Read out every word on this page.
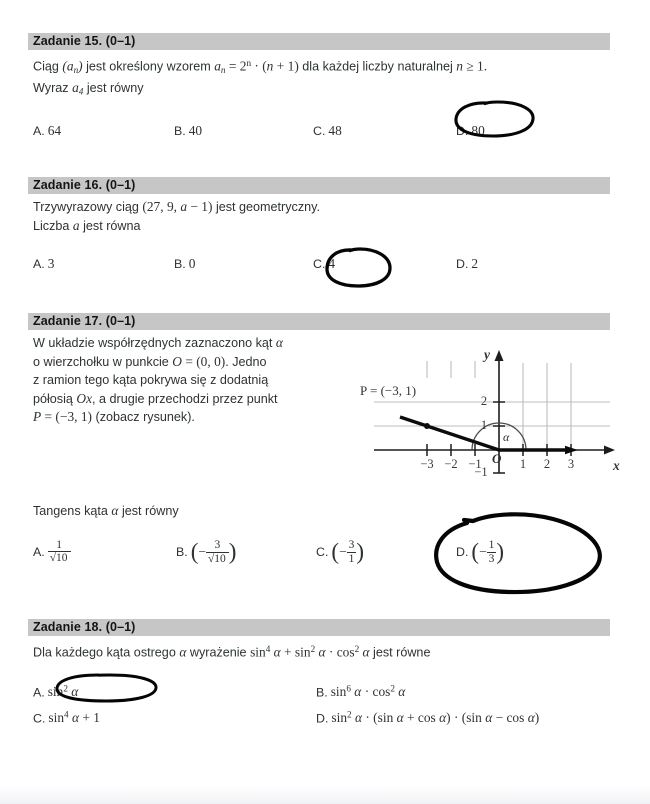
Zadanie 15. (0–1)
Ciąg $(a_n)$ jest określony wzorem $a_n = 2^n \cdot (n + 1)$ dla każdej liczby naturalnej n ≥ 1.
Wyraz $a_4$ jest równy
A. 64	B. 40	C. 48	D. 80
Zadanie 16. (0–1)
Trzywyrazowy ciąg (27, 9, a − 1) jest geometryczny.
Liczba a jest równa
A. 3	B. 0	C. 4	D. 2
Zadanie 17. (0–1)
W układzie współrzędnych zaznaczono kąt α
o wierzchołku w punkcie O = (0, 0). Jedno
z ramion tego kąta pokrywa się z dodatnią
półosią Ox, a drugie przechodzi przez punkt
P = (−3, 1) (zobacz rysunek).
P = (−3, 1)
y
x
O
α
−3 −2 −1	1	2	3
2
1
−1
Tangens kąta α jest równy
A. $\frac{1}{√10}$	B. (− $\frac{3}{√10}$ )	C. (− $\frac{3}{1}$ )	D. (− $\frac{1}{3}$ )
Zadanie 18. (0–1)
Dla każdego kąta ostrego α wyrażenie $\sin^4 \alpha + \sin^2 \alpha \cdot \cos^2 \alpha$ jest równe
A. $\sin^2 \alpha$	B. $\sin^6 \alpha \cdot \cos^2 \alpha$
C. $\sin^4 \alpha + 1$	D. $\sin^2 \alpha \cdot (\sin$ α + cos α) · (sin α − cos α)
